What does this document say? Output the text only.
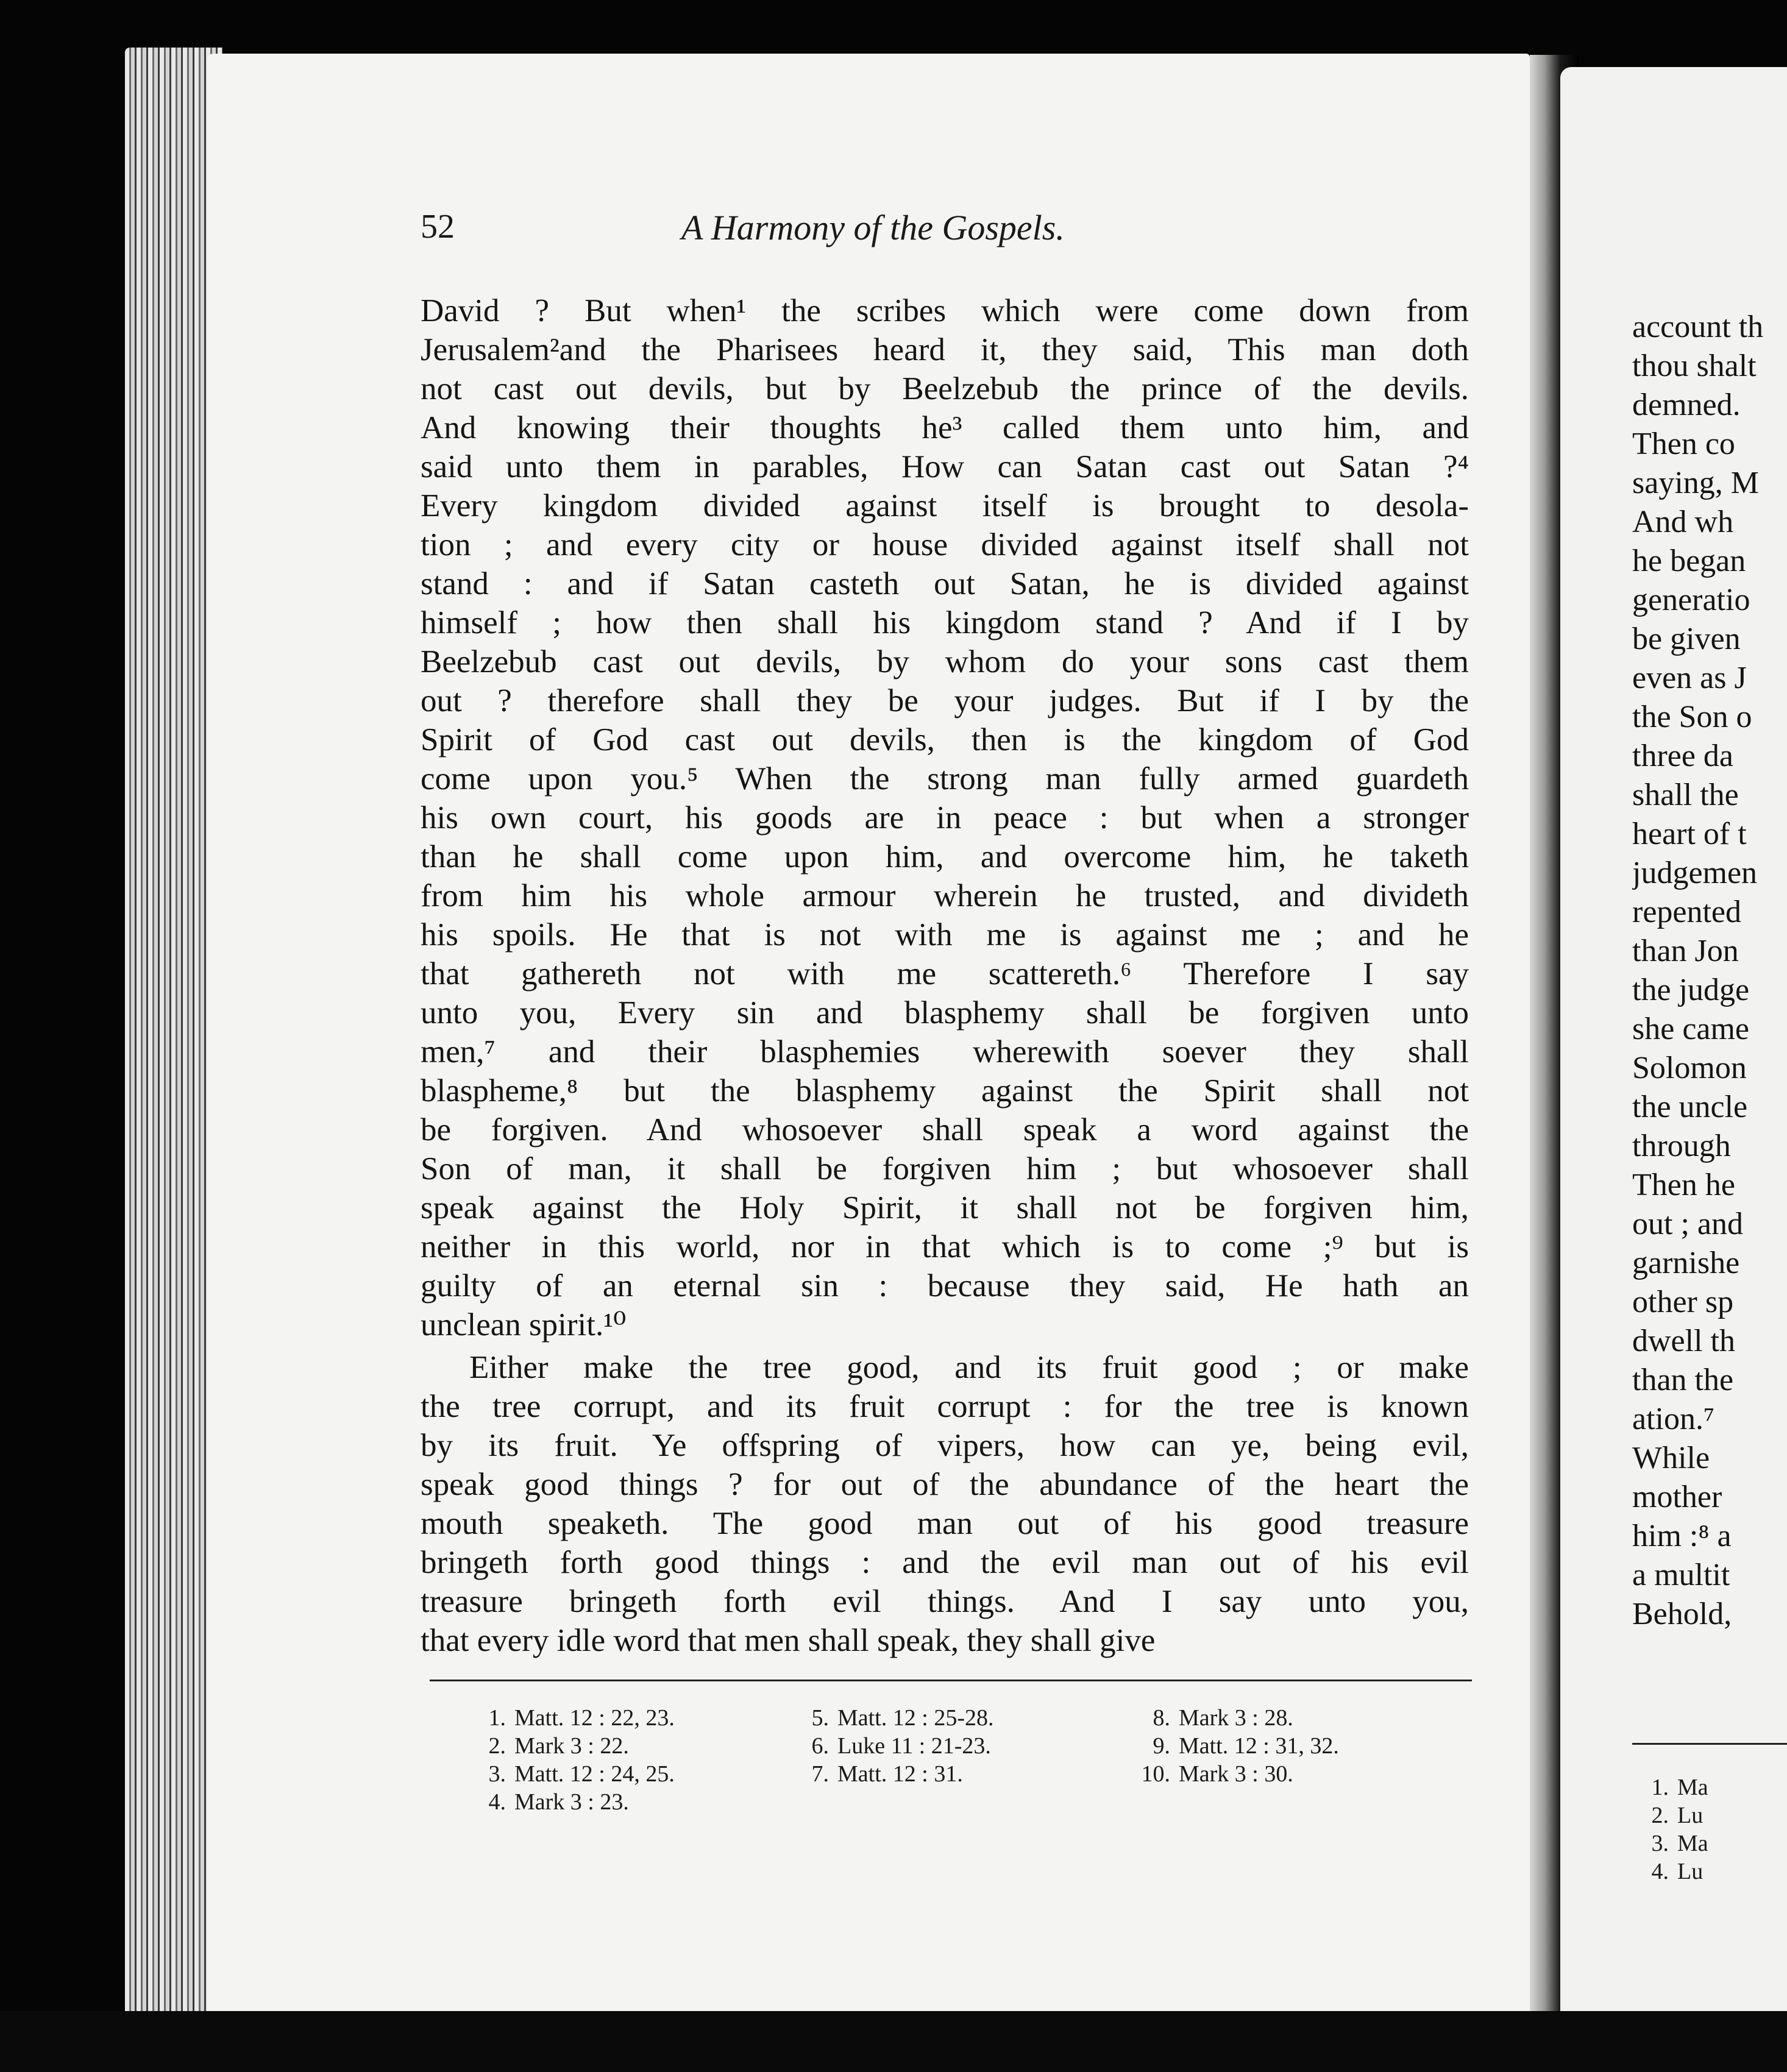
account th
thou shalt
demned.
Then co
saying, M
And wh
he began
generatio
be given
even as J
the Son o
three da
shall the
heart of t
judgemen
repented
than Jon
the judge
she came
Solomon
the uncle
through
Then he
out ; and
garnishe
other sp
dwell th
than the
ation.⁷
While
mother
him :⁸ a
a multit
Behold,
1. Ma
2. Lu
3. Ma
4. Lu
52	A Harmony of the Gospels.
David ? But when¹ the scribes which were come down from
Jerusalem²and the Pharisees heard it, they said, This man doth
not cast out devils, but by Beelzebub the prince of the devils.
And knowing their thoughts he³ called them unto him, and
said unto them in parables, How can Satan cast out Satan ?⁴
Every kingdom divided against itself is brought to desola-
tion ; and every city or house divided against itself shall not
stand : and if Satan casteth out Satan, he is divided against
himself ; how then shall his kingdom stand ? And if I by
Beelzebub cast out devils, by whom do your sons cast them
out ? therefore shall they be your judges. But if I by the
Spirit of God cast out devils, then is the kingdom of God
come upon you.⁵ When the strong man fully armed guardeth
his own court, his goods are in peace : but when a stronger
than he shall come upon him, and overcome him, he taketh
from him his whole armour wherein he trusted, and divideth
his spoils. He that is not with me is against me ; and he
that gathereth not with me scattereth.⁶ Therefore I say
unto you, Every sin and blasphemy shall be forgiven unto
men,⁷ and their blasphemies wherewith soever they shall
blaspheme,⁸ but the blasphemy against the Spirit shall not
be forgiven. And whosoever shall speak a word against the
Son of man, it shall be forgiven him ; but whosoever shall
speak against the Holy Spirit, it shall not be forgiven him,
neither in this world, nor in that which is to come ;⁹ but is
guilty of an eternal sin : because they said, He hath an
unclean spirit.¹⁰
Either make the tree good, and its fruit good ; or make
the tree corrupt, and its fruit corrupt : for the tree is known
by its fruit. Ye offspring of vipers, how can ye, being evil,
speak good things ? for out of the abundance of the heart the
mouth speaketh. The good man out of his good treasure
bringeth forth good things : and the evil man out of his evil
treasure bringeth forth evil things. And I say unto you,
that every idle word that men shall speak, they shall give
1. Matt. 12 : 22, 23.
2. Mark 3 : 22.
3. Matt. 12 : 24, 25.
4. Mark 3 : 23.
5. Matt. 12 : 25-28.
6. Luke 11 : 21-23.
7. Matt. 12 : 31.
8. Mark 3 : 28.
9. Matt. 12 : 31, 32.
10. Mark 3 : 30.
